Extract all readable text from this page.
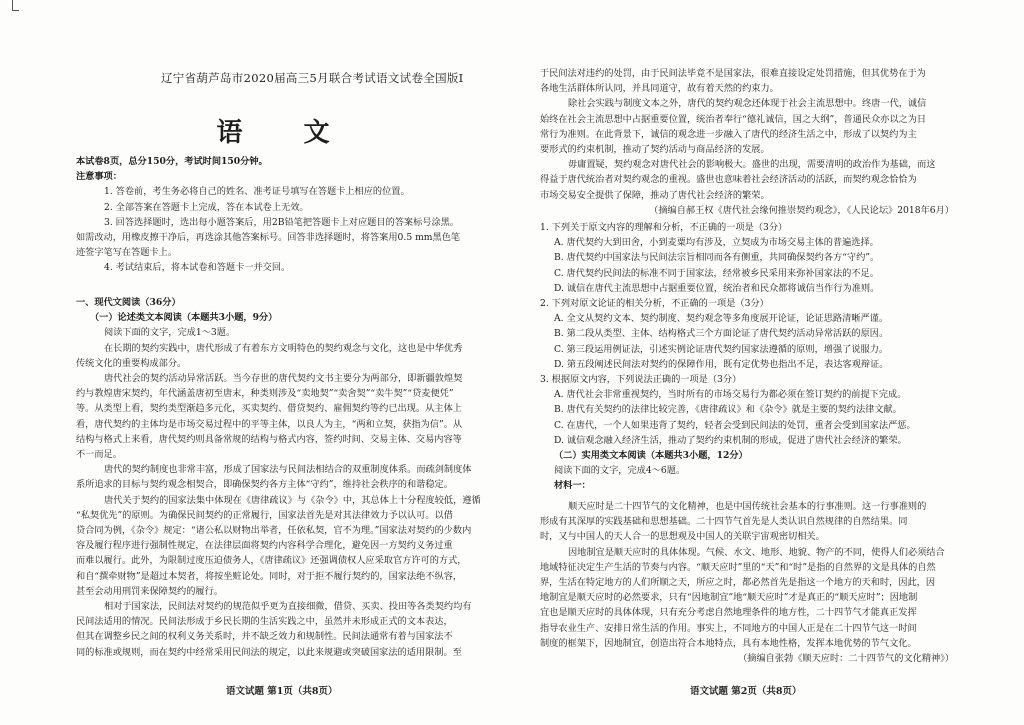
辽宁省葫芦岛市2020届高三5月联合考试语文试卷全国版Ⅰ
语 文

本试卷8页，总分150分，考试时间150分钟。

注意事项：

1. 答卷前，考生务必将自己的姓名、准考证号填写在答题卡上相应的位置。

2. 全部答案在答题卡上完成，答在本试卷上无效。

3. 回答选择题时，选出每小题答案后，用2B铅笔把答题卡上对应题目的答案标号涂黑。

如需改动，用橡皮擦干净后，再选涂其他答案标号。回答非选择题时，将答案用0.5 mm黑色笔

迹签字笔写在答题卡上。

4. 考试结束后，将本试卷和答题卡一并交回。

一、现代文阅读（36分）

（一）论述类文本阅读（本题共3小题，9分）

阅读下面的文字，完成1～3题。

在长期的契约实践中，唐代形成了有着东方文明特色的契约观念与文化，这也是中华优秀

传统文化的重要构成部分。

唐代社会的契约活动异常活跃。当今存世的唐代契约文书主要分为两部分，即新疆敦煌契

约与教煌唐宋契约，年代涵盖唐初至唐末，种类则涉及“卖地契”“卖舍契”“卖牛契”“贷麦便凭”

等。从类型上看，契约类型渐趋多元化，买卖契约、借贷契约、雇佣契约等约已出现。从主体上

看，唐代契约的主体均是市场交易过程中的平等主体，以良人为主，“两和立契，获指为信”。从

结构与格式上来看，唐代契约则具备常规的结构与格式内容，签约时间、交易主体、交易内容等

不一而足。

唐代的契约制度也非常丰富，形成了国家法与民间法相结合的双重制度体系。而疏剑制度体

系所追求的目标与契约观念相契合，即确保契约各方主体“守约”，维持社会秩序的和谐稳定。

唐代关于契约的国家法集中体现在《唐律疏议》与《杂令》中，其总体上十分程度较低，遵循

“私契优先”的原则。为确保民间契约的正常履行，国家法首先是对其法律效力予以认可。以借

贷合同为例，《杂令》规定：“诸公私以财物出举者，任依私契，官不为理。”国家法对契约的少数内

容及履行程序进行强制性规定，在法律层面将契约内容科学合理化，避免因一方契约义务过重

而难以履行。此外，为限制过度压迫债务人，《唐律疏议》还强调债权人应采取官方许可的方式，

和自“撰牵财物”是超过本契者，将按坐赃论处。同时，对于拒不履行契约的，国家法绝不纵容，

甚至会动用刑罚来保障契约的履行。

相对于国家法，民间法对契约的规范似乎更为直接细微，借贷、买卖、投田等各类契约均有

民间法适用的情况。民间法形成于乡民长期的生活实践之中，虽然并未形成正式的文本表达，

但其在调整乡民之间的权利义务关系时，并不缺乏效力和规制性。民间法通常有着与国家法不

同的标准或规则，而在契约中经常采用民间法的规定，以此来规避或突破国家法的适用限制。至

语文试题 第1页（共8页）

于民间法对违约的处罚，由于民间法毕竟不是国家法，很难直接设定处罚措施，但其优势在于为

各地生活群体所认同，并具同道守，故有着天然的约束力。

除社会实践与制度文本之外，唐代的契约观念还体现于社会主流思想中。终唐一代，诚信

始终在社会主流思想中占据重要位置，统治者奉行“德礼诚信，国之大纲”，普通民众亦以之为日

常行为准则。在此背景下，诚信的观念进一步融入了唐代的经济生活之中，形成了以契约为主

要形式的约束机制，推动了契约活动与商品经济的发展。

毋庸置疑，契约观念对唐代社会的影响极大。盛世的出现，需要清明的政治作为基础，而这

得益于唐代统治者对契约观念的重视。盛世也意味着社会经济活动的活跃，而契约观念恰恰为

市场交易安全提供了保障，推动了唐代社会经济的繁荣。

（摘编自郝王权《唐代社会缘何推崇契约观念》，《人民论坛》2018年6月）

1. 下列关于原文内容的理解和分析，不正确的一项是（3分）

A. 唐代契约大到田舍，小到麦粟均有涉及，立契成为市场交易主体的普遍选择。

B. 唐代契约中国家法与民间法宗旨相同而各有侧重，共同确保契约各方“守约”。

C. 唐代契约民间法的标准不同于国家法，经常被乡民采用来弥补国家法的不足。

D. 诚信在唐代主流思想中占据重要位置，统治者和民众都将诚信当作行为准则。

2. 下列对原文论证的相关分析，不正确的一项是（3分）

A. 全文从契约文本、契约制度、契约观念等多角度展开论证，论证思路清晰严谨。

B. 第二段从类型、主体、结构格式三个方面论证了唐代契约活动异常活跃的原因。

C. 第三段运用例证法，引述实例论证唐代契约国家法遵循的原则，增强了说服力。

D. 第五段阐述民间法对契约的保障作用，既有定优势也指出不足，表达客观辩证。

3. 根据原文内容，下列说法正确的一项是（3分）

A. 唐代社会非常重视契约，当时所有的市场交易行为都必须在签订契约的前提下完成。

B. 唐代有关契约的法律比较完善，《唐律疏议》和《杂令》就是主要的契约法律文献。

C. 在唐代，一个人如果违背了契约，轻者会受到民间法的处罚，重者会受到国家法严惩。

D. 诚信观念融入经济生活，推动了契约约束机制的形成，促进了唐代社会经济的繁荣。

（二）实用类文本阅读（本题共3小题，12分）

阅读下面的文字，完成4～6题。

材料一：

顺天应时是二十四节气的文化精神，也是中国传统社会基本的行事准则。这一行事准则的

形成有其深厚的实践基础和思想基础。二十四节气首先是人类认识自然规律的自然结果。同

时，又与中国人的天人合一的思想观及中国人的关联宇宙观密切相关。

因地制宜是顺天应时的具体体现。气候、水文、地形、地貌、物产的不同，使得人们必须结合

地域特征决定生产生活的节奏与内容。“顺天应时”里的“天”和“时”是指的自然界的文是具体的自然

界，生活在特定地方的人们所顺之天，所应之时，都必然首先是指这一个地方的天和时，因此，因

地制宜是顺天应时的必然要求，只有“因地制宜”地“顺天应时”才是真正的“顺天应时”；因地制

宜也是顺天应时的具体体现，只有充分考虑自然地理条件的地方性，二十四节气才能真正发挥

指导农业生产、安排日常生活的作用。事实上，不同地方的中国人正是在二十四节气这一时间

制度的框架下，因地制宜，创造出符合本地特点，具有本地性格，发挥本地优势的节气文化。

（摘编自张勃《顺天应时：二十四节气的文化精神》）

语文试题 第2页（共8页）
